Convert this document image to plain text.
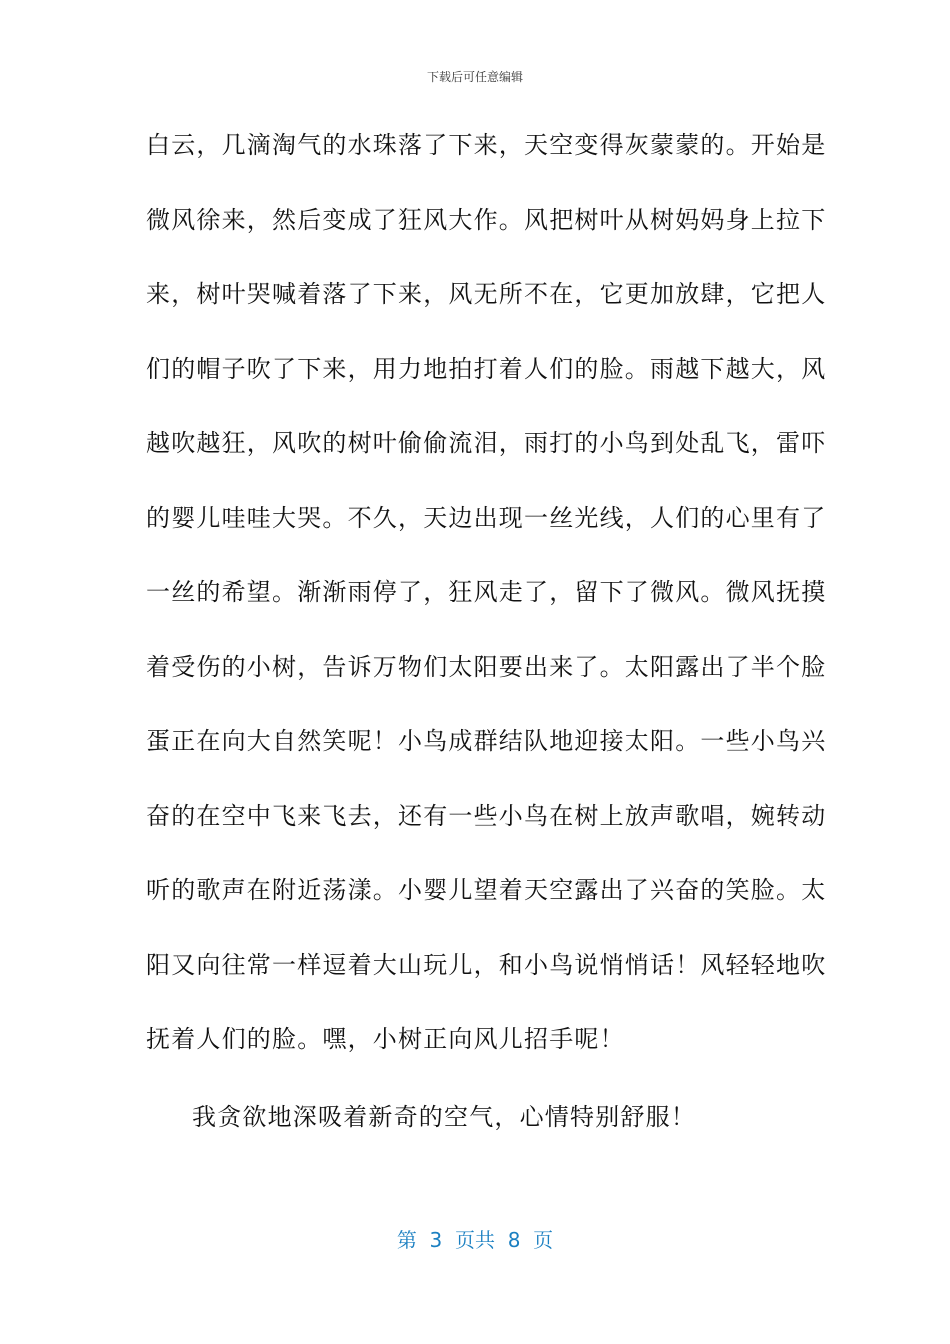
下载后可任意编辑
白云，几滴淘气的水珠落了下来，天空变得灰蒙蒙的。开始是
微风徐来，然后变成了狂风大作。风把树叶从树妈妈身上拉下
来，树叶哭喊着落了下来，风无所不在，它更加放肆，它把人
们的帽子吹了下来，用力地拍打着人们的脸。雨越下越大，风
越吹越狂，风吹的树叶偷偷流泪，雨打的小鸟到处乱飞，雷吓
的婴儿哇哇大哭。不久，天边出现一丝光线，人们的心里有了
一丝的希望。渐渐雨停了，狂风走了，留下了微风。微风抚摸
着受伤的小树，告诉万物们太阳要出来了。太阳露出了半个脸
蛋正在向大自然笑呢！小鸟成群结队地迎接太阳。一些小鸟兴
奋的在空中飞来飞去，还有一些小鸟在树上放声歌唱，婉转动
听的歌声在附近荡漾。小婴儿望着天空露出了兴奋的笑脸。太
阳又向往常一样逗着大山玩儿，和小鸟说悄悄话！风轻轻地吹
抚着人们的脸。嘿，小树正向风儿招手呢！
我贪欲地深吸着新奇的空气，心情特别舒服！
第  3  页共  8  页
